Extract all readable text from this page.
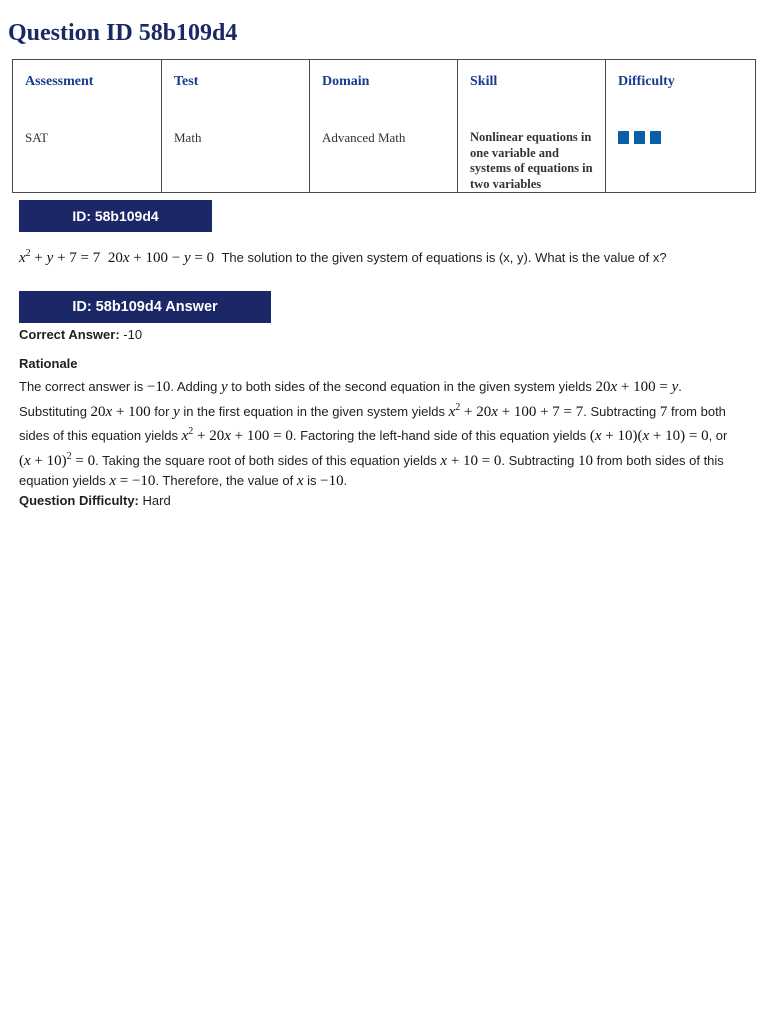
Question ID 58b109d4
Assessment	Test	Domain	Skill	Difficulty
SAT	Math	Advanced Math	Nonlinear equations in one variable and systems of equations in two variables	
ID: 58b109d4
$x^2 + y + 7 = 7$ 20x + 100 − y = 0 The solution to the given system of equations is (x, y). What is the value of x?
ID: 58b109d4 Answer
Correct Answer: -10
Rationale

The correct answer is −10. Adding y to both sides of the second equation in the given system yields 20x + 100 = y. Substituting 20x + 100 for y in the first equation in the given system yields $x^2 + 20x + 100 + 7 = 7$. Subtracting 7 from both sides of this equation yields $x^2 + 20x + 100 = 0$. Factoring the left-hand side of this equation yields (x + 10)(x + 10) = 0, or $(x + 10)^2 = 0$. Taking the square root of both sides of this equation yields x + 10 = 0. Subtracting 10 from both sides of this equation yields x = −10. Therefore, the value of x is −10.

Question Difficulty: Hard
